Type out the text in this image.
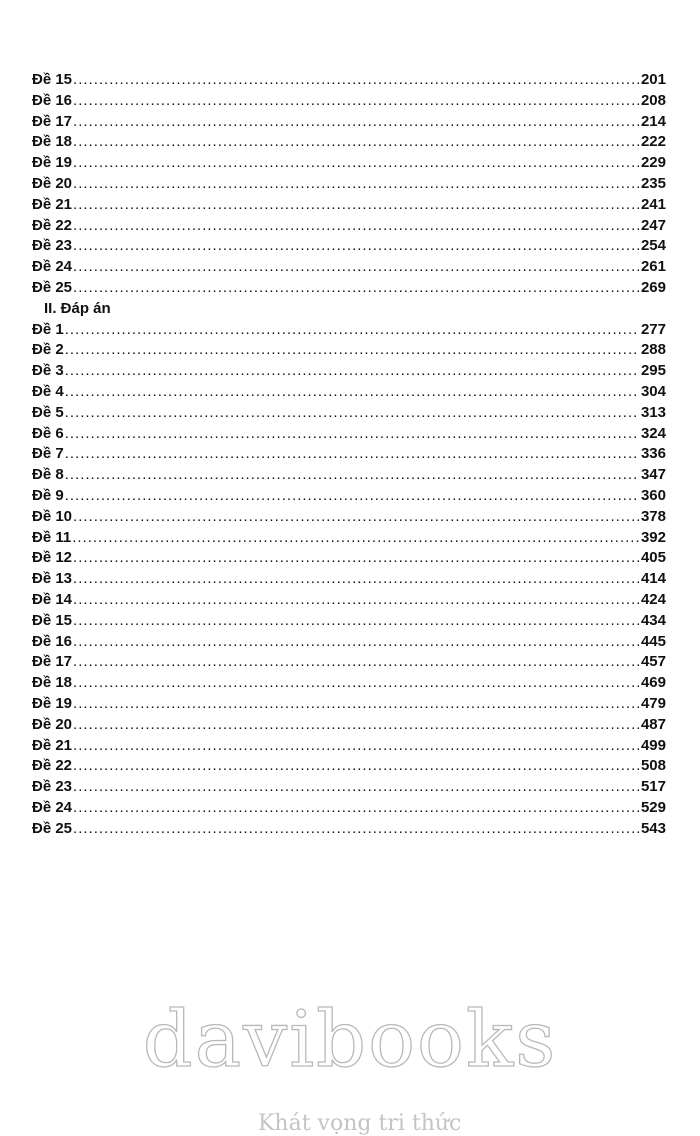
Đề 15 .....	201
Đề 16 .....	208
Đề 17 .....	214
Đề 18 .....	222
Đề 19 .....	229
Đề 20 .....	235
Đề 21 .....	241
Đề 22 .....	247
Đề 23 .....	254
Đề 24 .....	261
Đề 25 .....	269
II. Đáp án
Đề 1 .....	277
Đề 2 .....	288
Đề 3 .....	295
Đề 4 .....	304
Đề 5 .....	313
Đề 6 .....	324
Đề 7 .....	336
Đề 8 .....	347
Đề 9 .....	360
Đề 10 .....	378
Đề 11 .....	392
Đề 12 .....	405
Đề 13 .....	414
Đề 14 .....	424
Đề 15 .....	434
Đề 16 .....	445
Đề 17 .....	457
Đề 18 .....	469
Đề 19 .....	479
Đề 20 .....	487
Đề 21 .....	499
Đề 22 .....	508
Đề 23 .....	517
Đề 24 .....	529
Đề 25 .....	543
davibooks
Khát vọng tri thức
